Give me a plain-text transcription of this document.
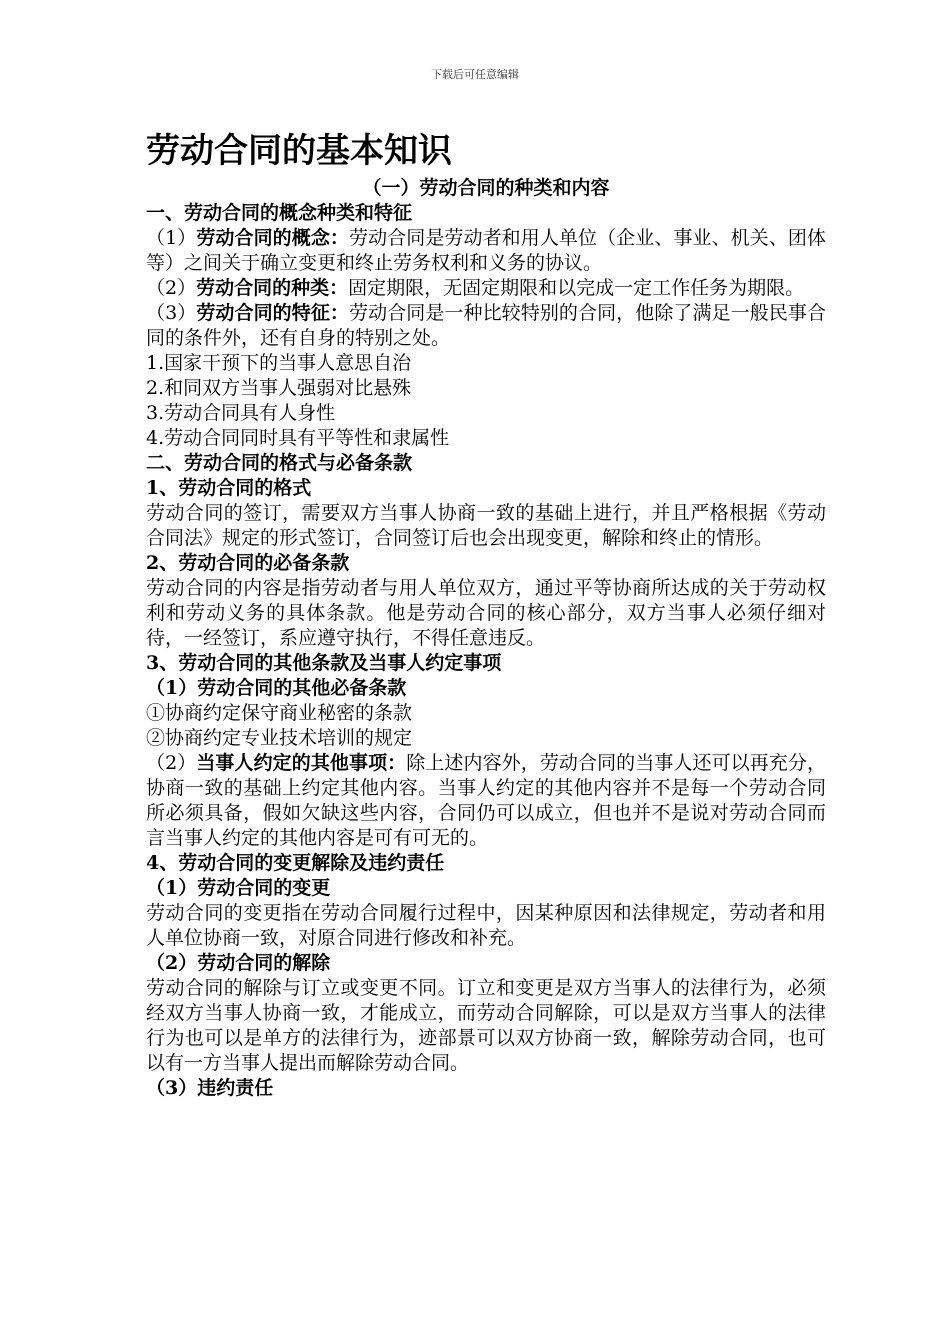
下载后可任意编辑

劳动合同的基本知识

（一）劳动合同的种类和内容

一、劳动合同的概念种类和特征

（1）劳动合同的概念：劳动合同是劳动者和用人单位（企业、事业、机关、团体等）之间关于确立变更和终止劳务权利和义务的协议。

（2）劳动合同的种类：固定期限，无固定期限和以完成一定工作任务为期限。

（3）劳动合同的特征：劳动合同是一种比较特别的合同，他除了满足一般民事合同的条件外，还有自身的特别之处。

1.国家干预下的当事人意思自治

2.和同双方当事人强弱对比悬殊

3.劳动合同具有人身性

4.劳动合同同时具有平等性和隶属性

二、劳动合同的格式与必备条款

1、劳动合同的格式

劳动合同的签订，需要双方当事人协商一致的基础上进行，并且严格根据《劳动合同法》规定的形式签订，合同签订后也会出现变更，解除和终止的情形。

2、劳动合同的必备条款

劳动合同的内容是指劳动者与用人单位双方，通过平等协商所达成的关于劳动权利和劳动义务的具体条款。他是劳动合同的核心部分，双方当事人必须仔细对待，一经签订，系应遵守执行，不得任意违反。

3、劳动合同的其他条款及当事人约定事项

（1）劳动合同的其他必备条款

①协商约定保守商业秘密的条款

②协商约定专业技术培训的规定

（2）当事人约定的其他事项：除上述内容外，劳动合同的当事人还可以再充分，协商一致的基础上约定其他内容。当事人约定的其他内容并不是每一个劳动合同所必须具备，假如欠缺这些内容，合同仍可以成立，但也并不是说对劳动合同而言当事人约定的其他内容是可有可无的。

4、劳动合同的变更解除及违约责任

（1）劳动合同的变更

劳动合同的变更指在劳动合同履行过程中，因某种原因和法律规定，劳动者和用人单位协商一致，对原合同进行修改和补充。

（2）劳动合同的解除

劳动合同的解除与订立或变更不同。订立和变更是双方当事人的法律行为，必须经双方当事人协商一致，才能成立，而劳动合同解除，可以是双方当事人的法律行为也可以是单方的法律行为，迹部景可以双方协商一致，解除劳动合同，也可以有一方当事人提出而解除劳动合同。

（3）违约责任
